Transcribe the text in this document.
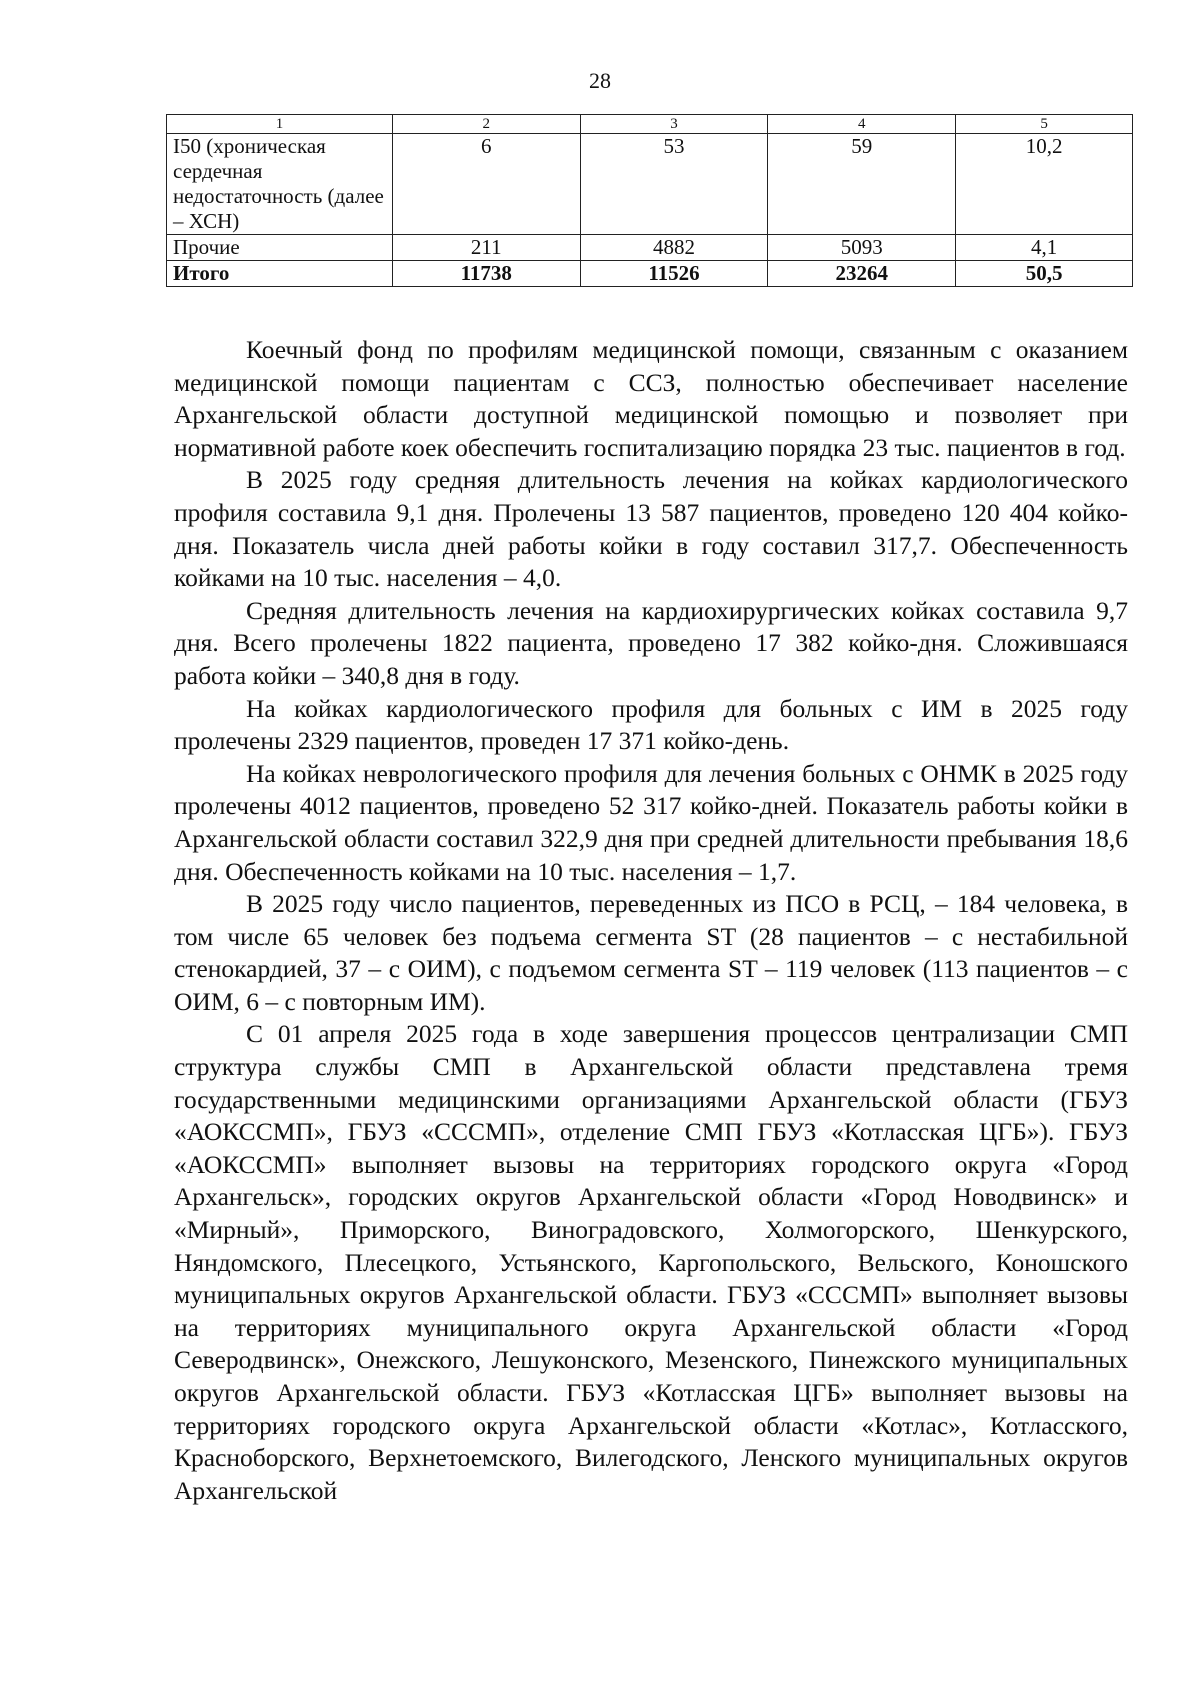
28
1	2	3	4	5
I50 (хроническая сердечная недостаточность (далее – ХСН)	6	53	59	10,2
Прочие	211	4882	5093	4,1
Итого	11738	11526	23264	50,5

Коечный фонд по профилям медицинской помощи, связанным с оказанием медицинской помощи пациентам с ССЗ, полностью обеспечивает население Архангельской области доступной медицинской помощью и позволяет при нормативной работе коек обеспечить госпитализацию порядка 23 тыс. пациентов в год.

В 2025 году средняя длительность лечения на койках кардиологического профиля составила 9,1 дня. Пролечены 13 587 пациентов, проведено 120 404 койко-дня. Показатель числа дней работы койки в году составил 317,7. Обеспеченность койками на 10 тыс. населения – 4,0.

Средняя длительность лечения на кардиохирургических койках составила 9,7 дня. Всего пролечены 1822 пациента, проведено 17 382 койко-дня. Сложившаяся работа койки – 340,8 дня в году.

На койках кардиологического профиля для больных с ИМ в 2025 году пролечены 2329 пациентов, проведен 17 371 койко-день.

На койках неврологического профиля для лечения больных с ОНМК в 2025 году пролечены 4012 пациентов, проведено 52 317 койко-дней. Показатель работы койки в Архангельской области составил 322,9 дня при средней длительности пребывания 18,6 дня. Обеспеченность койками на 10 тыс. населения – 1,7.

В 2025 году число пациентов, переведенных из ПСО в РСЦ, – 184 человека, в том числе 65 человек без подъема сегмента ST (28 пациентов – с нестабильной стенокардией, 37 – с ОИМ), с подъемом сегмента ST – 119 человек (113 пациентов – с ОИМ, 6 – с повторным ИМ).

С 01 апреля 2025 года в ходе завершения процессов централизации СМП структура службы СМП в Архангельской области представлена тремя государственными медицинскими организациями Архангельской области (ГБУЗ «АОКССМП», ГБУЗ «СССМП», отделение СМП ГБУЗ «Котласская ЦГБ»). ГБУЗ «АОКССМП» выполняет вызовы на территориях городского округа «Город Архангельск», городских округов Архангельской области «Город Новодвинск» и «Мирный», Приморского, Виноградовского, Холмогорского, Шенкурского, Няндомского, Плесецкого, Устьянского, Каргопольского, Вельского, Коношского муниципальных округов Архангельской области. ГБУЗ «СССМП» выполняет вызовы на территориях муниципального округа Архангельской области «Город Северодвинск», Онежского, Лешуконского, Мезенского, Пинежского муниципальных округов Архангельской области. ГБУЗ «Котласская ЦГБ» выполняет вызовы на территориях городского округа Архангельской области «Котлас», Котласского, Красноборского, Верхнетоемского, Вилегодского, Ленского муниципальных округов Архангельской
